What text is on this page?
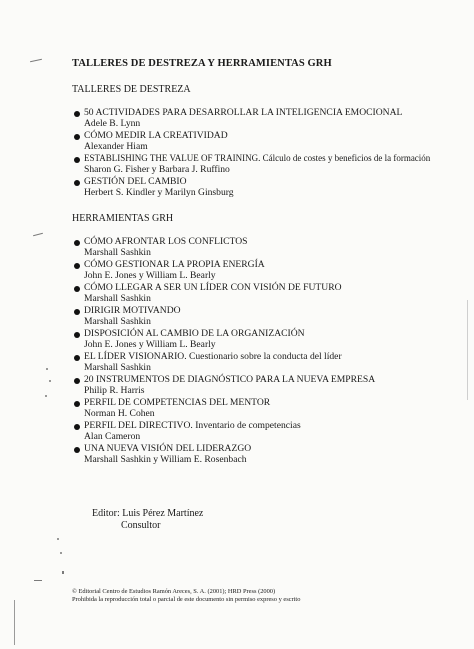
TALLERES DE DESTREZA Y HERRAMIENTAS GRH
TALLERES DE DESTREZA
50 ACTIVIDADES PARA DESARROLLAR LA INTELIGENCIA EMOCIONAL
Adele B. Lynn
CÓMO MEDIR LA CREATIVIDAD
Alexander Hiam
ESTABLISHING THE VALUE OF TRAINING. Cálculo de costes y beneficios de la formación
Sharon G. Fisher y Barbara J. Ruffino
GESTIÓN DEL CAMBIO
Herbert S. Kindler y Marilyn Ginsburg
HERRAMIENTAS GRH
CÓMO AFRONTAR LOS CONFLICTOS
Marshall Sashkin
CÓMO GESTIONAR LA PROPIA ENERGÍA
John E. Jones y William L. Bearly
CÓMO LLEGAR A SER UN LÍDER CON VISIÓN DE FUTURO
Marshall Sashkin
DIRIGIR MOTIVANDO
Marshall Sashkin
DISPOSICIÓN AL CAMBIO DE LA ORGANIZACIÓN
John E. Jones y William L. Bearly
EL LÍDER VISIONARIO. Cuestionario sobre la conducta del líder
Marshall Sashkin
20 INSTRUMENTOS DE DIAGNÓSTICO PARA LA NUEVA EMPRESA
Philip R. Harris
PERFIL DE COMPETENCIAS DEL MENTOR
Norman H. Cohen
PERFIL DEL DIRECTIVO. Inventario de competencias
Alan Cameron
UNA NUEVA VISIÓN DEL LIDERAZGO
Marshall Sashkin y William E. Rosenbach
Editor: Luis Pérez Martínez
Consultor
© Editorial Centro de Estudios Ramón Areces, S. A. (2001); HRD Press (2000)
Prohibida la reproducción total o parcial de este documento sin permiso expreso y escrito
